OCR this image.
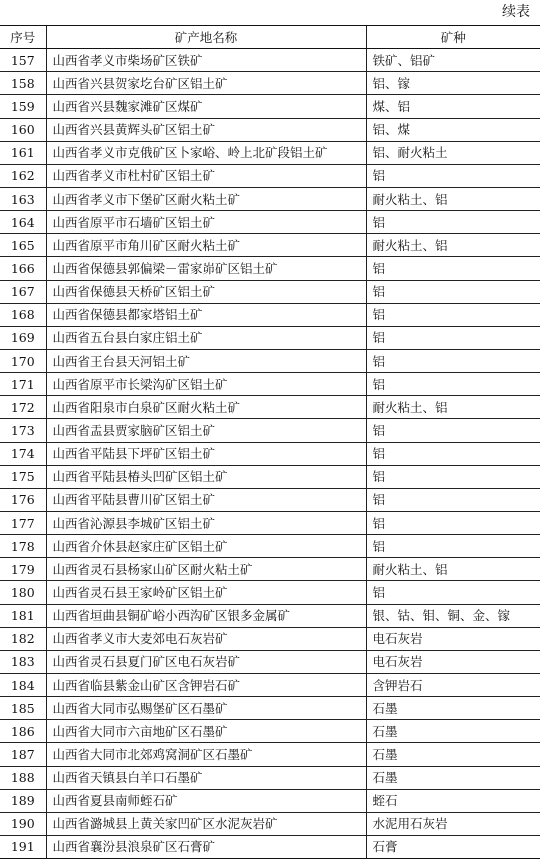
续表
序号	矿产地名称	矿种
157	山西省孝义市柴场矿区铁矿	铁矿、铝矿
158	山西省兴县贺家圪台矿区铝土矿	铝、镓
159	山西省兴县魏家滩矿区煤矿	煤、铝
160	山西省兴县黄辉头矿区铝土矿	铝、煤
161	山西省孝义市克俄矿区卜家峪、岭上北矿段铝土矿	铝、耐火粘土
162	山西省孝义市杜村矿区铝土矿	铝
163	山西省孝义市下堡矿区耐火粘土矿	耐火粘土、铝
164	山西省原平市石墙矿区铝土矿	铝
165	山西省原平市角川矿区耐火粘土矿	耐火粘土、铝
166	山西省保德县郭偏梁－雷家峁矿区铝土矿	铝
167	山西省保德县天桥矿区铝土矿	铝
168	山西省保德县都家塔铝土矿	铝
169	山西省五台县白家庄铝土矿	铝
170	山西省王台县天河铝土矿	铝
171	山西省原平市长梁沟矿区铝土矿	铝
172	山西省阳泉市白泉矿区耐火粘土矿	耐火粘土、铝
173	山西省盂县贾家脑矿区铝土矿	铝
174	山西省平陆县下坪矿区铝土矿	铝
175	山西省平陆县椿头凹矿区铝土矿	铝
176	山西省平陆县曹川矿区铝土矿	铝
177	山西省沁源县李城矿区铝土矿	铝
178	山西省介休县赵家庄矿区铝土矿	铝
179	山西省灵石县杨家山矿区耐火粘土矿	耐火粘土、铝
180	山西省灵石县王家岭矿区铝土矿	铝
181	山西省垣曲县铜矿峪小西沟矿区银多金属矿	银、钴、钼、铜、金、镓
182	山西省孝义市大麦郊电石灰岩矿	电石灰岩
183	山西省灵石县夏门矿区电石灰岩矿	电石灰岩
184	山西省临县紫金山矿区含钾岩石矿	含钾岩石
185	山西省大同市弘赐堡矿区石墨矿	石墨
186	山西省大同市六亩地矿区石墨矿	石墨
187	山西省大同市北郊鸡窝洞矿区石墨矿	石墨
188	山西省天镇县白羊口石墨矿	石墨
189	山西省夏县南师蛭石矿	蛭石
190	山西省潞城县上黄关家凹矿区水泥灰岩矿	水泥用石灰岩
191	山西省襄汾县浪泉矿区石膏矿	石膏
